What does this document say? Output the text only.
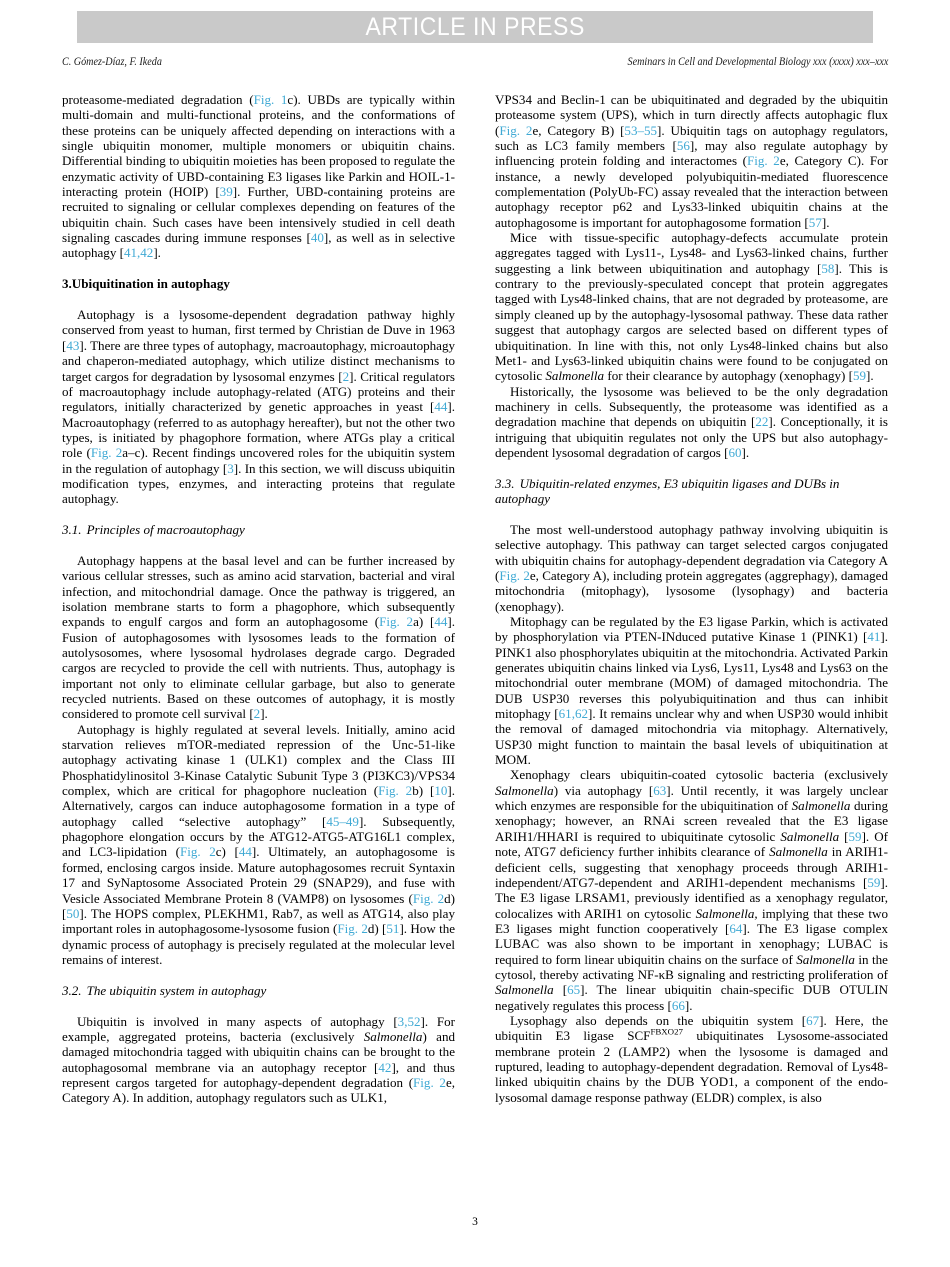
ARTICLE IN PRESS
C. Gómez-Díaz, F. Ikeda	Seminars in Cell and Developmental Biology xxx (xxxx) xxx–xxx

proteasome-mediated degradation (Fig. 1c). UBDs are typically within multi-domain and multi-functional proteins, and the conformations of these proteins can be uniquely affected depending on interactions with a single ubiquitin monomer, multiple monomers or ubiquitin chains. Differential binding to ubiquitin moieties has been proposed to regulate the enzymatic activity of UBD-containing E3 ligases like Parkin and HOIL-1-interacting protein (HOIP) [39]. Further, UBD-containing proteins are recruited to signaling or cellular complexes depending on features of the ubiquitin chain. Such cases have been intensively studied in cell death signaling cascades during immune responses [40], as well as in selective autophagy [41,42].

3.Ubiquitination in autophagy

Autophagy is a lysosome-dependent degradation pathway highly conserved from yeast to human, first termed by Christian de Duve in 1963 [43]. There are three types of autophagy, macroautophagy, microautophagy and chaperon-mediated autophagy, which utilize distinct mechanisms to target cargos for degradation by lysosomal enzymes [2]. Critical regulators of macroautophagy include autophagy-related (ATG) proteins and their regulators, initially characterized by genetic approaches in yeast [44]. Macroautophagy (referred to as autophagy hereafter), but not the other two types, is initiated by phagophore formation, where ATGs play a critical role (Fig. 2a–c). Recent findings uncovered roles for the ubiquitin system in the regulation of autophagy [3]. In this section, we will discuss ubiquitin modification types, enzymes, and interacting proteins that regulate autophagy.

3.1. Principles of macroautophagy

Autophagy happens at the basal level and can be further increased by various cellular stresses, such as amino acid starvation, bacterial and viral infection, and mitochondrial damage. Once the pathway is triggered, an isolation membrane starts to form a phagophore, which subsequently expands to engulf cargos and form an autophagosome (Fig. 2a) [44]. Fusion of autophagosomes with lysosomes leads to the formation of autolysosomes, where lysosomal hydrolases degrade cargo. Degraded cargos are recycled to provide the cell with nutrients. Thus, autophagy is important not only to eliminate cellular garbage, but also to generate recycled nutrients. Based on these outcomes of autophagy, it is mostly considered to promote cell survival [2].

Autophagy is highly regulated at several levels. Initially, amino acid starvation relieves mTOR-mediated repression of the Unc-51-like autophagy activating kinase 1 (ULK1) complex and the Class III Phosphatidylinositol 3-Kinase Catalytic Subunit Type 3 (PI3KC3)/VPS34 complex, which are critical for phagophore nucleation (Fig. 2b) [10]. Alternatively, cargos can induce autophagosome formation in a type of autophagy called “selective autophagy” [45–49]. Subsequently, phagophore elongation occurs by the ATG12-ATG5-ATG16L1 complex, and LC3-lipidation (Fig. 2c) [44]. Ultimately, an autophagosome is formed, enclosing cargos inside. Mature autophagosomes recruit Syntaxin 17 and SyNaptosome Associated Protein 29 (SNAP29), and fuse with Vesicle Associated Membrane Protein 8 (VAMP8) on lysosomes (Fig. 2d) [50]. The HOPS complex, PLEKHM1, Rab7, as well as ATG14, also play important roles in autophagosome-lysosome fusion (Fig. 2d) [51]. How the dynamic process of autophagy is precisely regulated at the molecular level remains of interest.

3.2. The ubiquitin system in autophagy

Ubiquitin is involved in many aspects of autophagy [3,52]. For example, aggregated proteins, bacteria (exclusively Salmonella) and damaged mitochondria tagged with ubiquitin chains can be brought to the autophagosomal membrane via an autophagy receptor [42], and thus represent cargos targeted for autophagy-dependent degradation (Fig. 2e, Category A). In addition, autophagy regulators such as ULK1,

VPS34 and Beclin-1 can be ubiquitinated and degraded by the ubiquitin proteasome system (UPS), which in turn directly affects autophagic flux (Fig. 2e, Category B) [53–55]. Ubiquitin tags on autophagy regulators, such as LC3 family members [56], may also regulate autophagy by influencing protein folding and interactomes (Fig. 2e, Category C). For instance, a newly developed polyubiquitin-mediated fluorescence complementation (PolyUb-FC) assay revealed that the interaction between autophagy receptor p62 and Lys33-linked ubiquitin chains at the autophagosome is important for autophagosome formation [57].

Mice with tissue-specific autophagy-defects accumulate protein aggregates tagged with Lys11-, Lys48- and Lys63-linked chains, further suggesting a link between ubiquitination and autophagy [58]. This is contrary to the previously-speculated concept that protein aggregates tagged with Lys48-linked chains, that are not degraded by proteasome, are simply cleaned up by the autophagy-lysosomal pathway. These data rather suggest that autophagy cargos are selected based on different types of ubiquitination. In line with this, not only Lys48-linked chains but also Met1- and Lys63-linked ubiquitin chains were found to be conjugated on cytosolic Salmonella for their clearance by autophagy (xenophagy) [59].

Historically, the lysosome was believed to be the only degradation machinery in cells. Subsequently, the proteasome was identified as a degradation machine that depends on ubiquitin [22]. Conceptionally, it is intriguing that ubiquitin regulates not only the UPS but also autophagy-dependent lysosomal degradation of cargos [60].

3.3. Ubiquitin-related enzymes, E3 ubiquitin ligases and DUBs in autophagy

The most well-understood autophagy pathway involving ubiquitin is selective autophagy. This pathway can target selected cargos conjugated with ubiquitin chains for autophagy-dependent degradation via Category A (Fig. 2e, Category A), including protein aggregates (aggrephagy), damaged mitochondria (mitophagy), lysosome (lysophagy) and bacteria (xenophagy).

Mitophagy can be regulated by the E3 ligase Parkin, which is activated by phosphorylation via PTEN-INduced putative Kinase 1 (PINK1) [41]. PINK1 also phosphorylates ubiquitin at the mitochondria. Activated Parkin generates ubiquitin chains linked via Lys6, Lys11, Lys48 and Lys63 on the mitochondrial outer membrane (MOM) of damaged mitochondria. The DUB USP30 reverses this polyubiquitination and thus can inhibit mitophagy [61,62]. It remains unclear why and when USP30 would inhibit the removal of damaged mitochondria via mitophagy. Alternatively, USP30 might function to maintain the basal levels of ubiquitination at MOM.

Xenophagy clears ubiquitin-coated cytosolic bacteria (exclusively Salmonella) via autophagy [63]. Until recently, it was largely unclear which enzymes are responsible for the ubiquitination of Salmonella during xenophagy; however, an RNAi screen revealed that the E3 ligase ARIH1/HHARI is required to ubiquitinate cytosolic Salmonella [59]. Of note, ATG7 deficiency further inhibits clearance of Salmonella in ARIH1-deficient cells, suggesting that xenophagy proceeds through ARIH1-independent/ATG7-dependent and ARIH1-dependent mechanisms [59]. The E3 ligase LRSAM1, previously identified as a xenophagy regulator, colocalizes with ARIH1 on cytosolic Salmonella, implying that these two E3 ligases might function cooperatively [64]. The E3 ligase complex LUBAC was also shown to be important in xenophagy; LUBAC is required to form linear ubiquitin chains on the surface of Salmonella in the cytosol, thereby activating NF-κB signaling and restricting proliferation of Salmonella [65]. The linear ubiquitin chain-specific DUB OTULIN negatively regulates this process [66].

Lysophagy also depends on the ubiquitin system [67]. Here, the ubiquitin E3 ligase $SCF^{FBXO27}$ ubiquitinates Lysosome-associated membrane protein 2 (LAMP2) when the lysosome is damaged and ruptured, leading to autophagy-dependent degradation. Removal of Lys48-linked ubiquitin chains by the DUB YOD1, a component of the endo-lysosomal damage response pathway (ELDR) complex, is also

3
